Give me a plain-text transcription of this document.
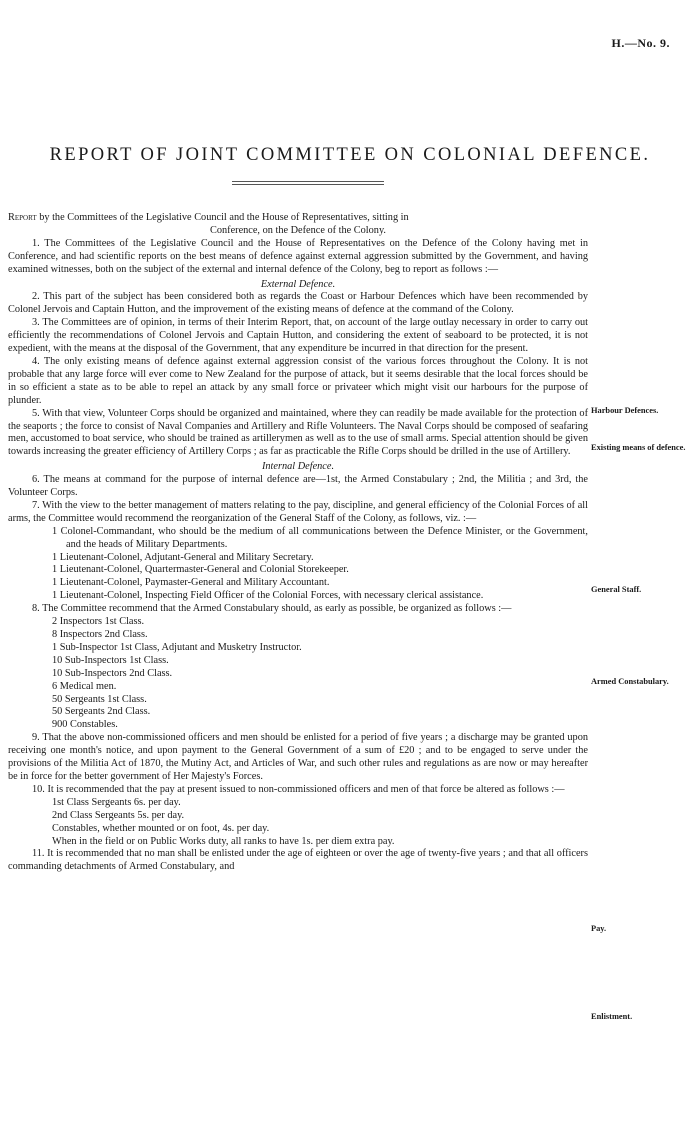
H.—No. 9.
REPORT OF JOINT COMMITTEE ON COLONIAL DEFENCE.

Report by the Committees of the Legislative Council and the House of Representatives, sitting in

Conference, on the Defence of the Colony.

1. The Committees of the Legislative Council and the House of Representatives on the Defence of the Colony having met in Conference, and had scientific reports on the best means of defence against external aggression submitted by the Government, and having examined witnesses, both on the subject of the external and internal defence of the Colony, beg to report as follows :—

External Defence.

2. This part of the subject has been considered both as regards the Coast or Harbour Defences which have been recommended by Colonel Jervois and Captain Hutton, and the improvement of the existing means of defence at the command of the Colony.

3. The Committees are of opinion, in terms of their Interim Report, that, on account of the large outlay necessary in order to carry out efficiently the recommendations of Colonel Jervois and Captain Hutton, and considering the extent of seaboard to be protected, it is not expedient, with the means at the disposal of the Government, that any expenditure be incurred in that direction for the present.

4. The only existing means of defence against external aggression consist of the various forces throughout the Colony. It is not probable that any large force will ever come to New Zealand for the purpose of attack, but it seems desirable that the local forces should be in so efficient a state as to be able to repel an attack by any small force or privateer which might visit our harbours for the purpose of plunder.

5. With that view, Volunteer Corps should be organized and maintained, where they can readily be made available for the protection of the seaports ; the force to consist of Naval Companies and Artillery and Rifle Volunteers. The Naval Corps should be composed of seafaring men, accustomed to boat service, who should be trained as artillerymen as well as to the use of small arms. Special attention should be given towards increasing the greater efficiency of Artillery Corps ; as far as practicable the Rifle Corps should be drilled in the use of Artillery.

Internal Defence.

6. The means at command for the purpose of internal defence are—1st, the Armed Constabulary ; 2nd, the Militia ; and 3rd, the Volunteer Corps.

7. With the view to the better management of matters relating to the pay, discipline, and general efficiency of the Colonial Forces of all arms, the Committee would recommend the reorganization of the General Staff of the Colony, as follows, viz. :—

1 Colonel-Commandant, who should be the medium of all communications between the Defence Minister, or the Government, and the heads of Military Departments.

1 Lieutenant-Colonel, Adjutant-General and Military Secretary.

1 Lieutenant-Colonel, Quartermaster-General and Colonial Storekeeper.

1 Lieutenant-Colonel, Paymaster-General and Military Accountant.

1 Lieutenant-Colonel, Inspecting Field Officer of the Colonial Forces, with necessary clerical assistance.

8. The Committee recommend that the Armed Constabulary should, as early as possible, be organized as follows :—

2 Inspectors 1st Class.

8 Inspectors 2nd Class.

1 Sub-Inspector 1st Class, Adjutant and Musketry Instructor.

10 Sub-Inspectors 1st Class.

10 Sub-Inspectors 2nd Class.

6 Medical men.

50 Sergeants 1st Class.

50 Sergeants 2nd Class.

900 Constables.

9. That the above non-commissioned officers and men should be enlisted for a period of five years ; a discharge may be granted upon receiving one month's notice, and upon payment to the General Government of a sum of £20 ; and to be engaged to serve under the provisions of the Militia Act of 1870, the Mutiny Act, and Articles of War, and such other rules and regulations as are now or may hereafter be in force for the better government of Her Majesty's Forces.

10. It is recommended that the pay at present issued to non-commissioned officers and men of that force be altered as follows :—

1st Class Sergeants 6s. per day.

2nd Class Sergeants 5s. per day.

Constables, whether mounted or on foot, 4s. per day.

When in the field or on Public Works duty, all ranks to have 1s. per diem extra pay.

11. It is recommended that no man shall be enlisted under the age of eighteen or over the age of twenty-five years ; and that all officers commanding detachments of Armed Constabulary, and

Harbour Defences.
Existing means of defence.
General Staff.
Armed Constabulary.
Pay.
Enlistment.
